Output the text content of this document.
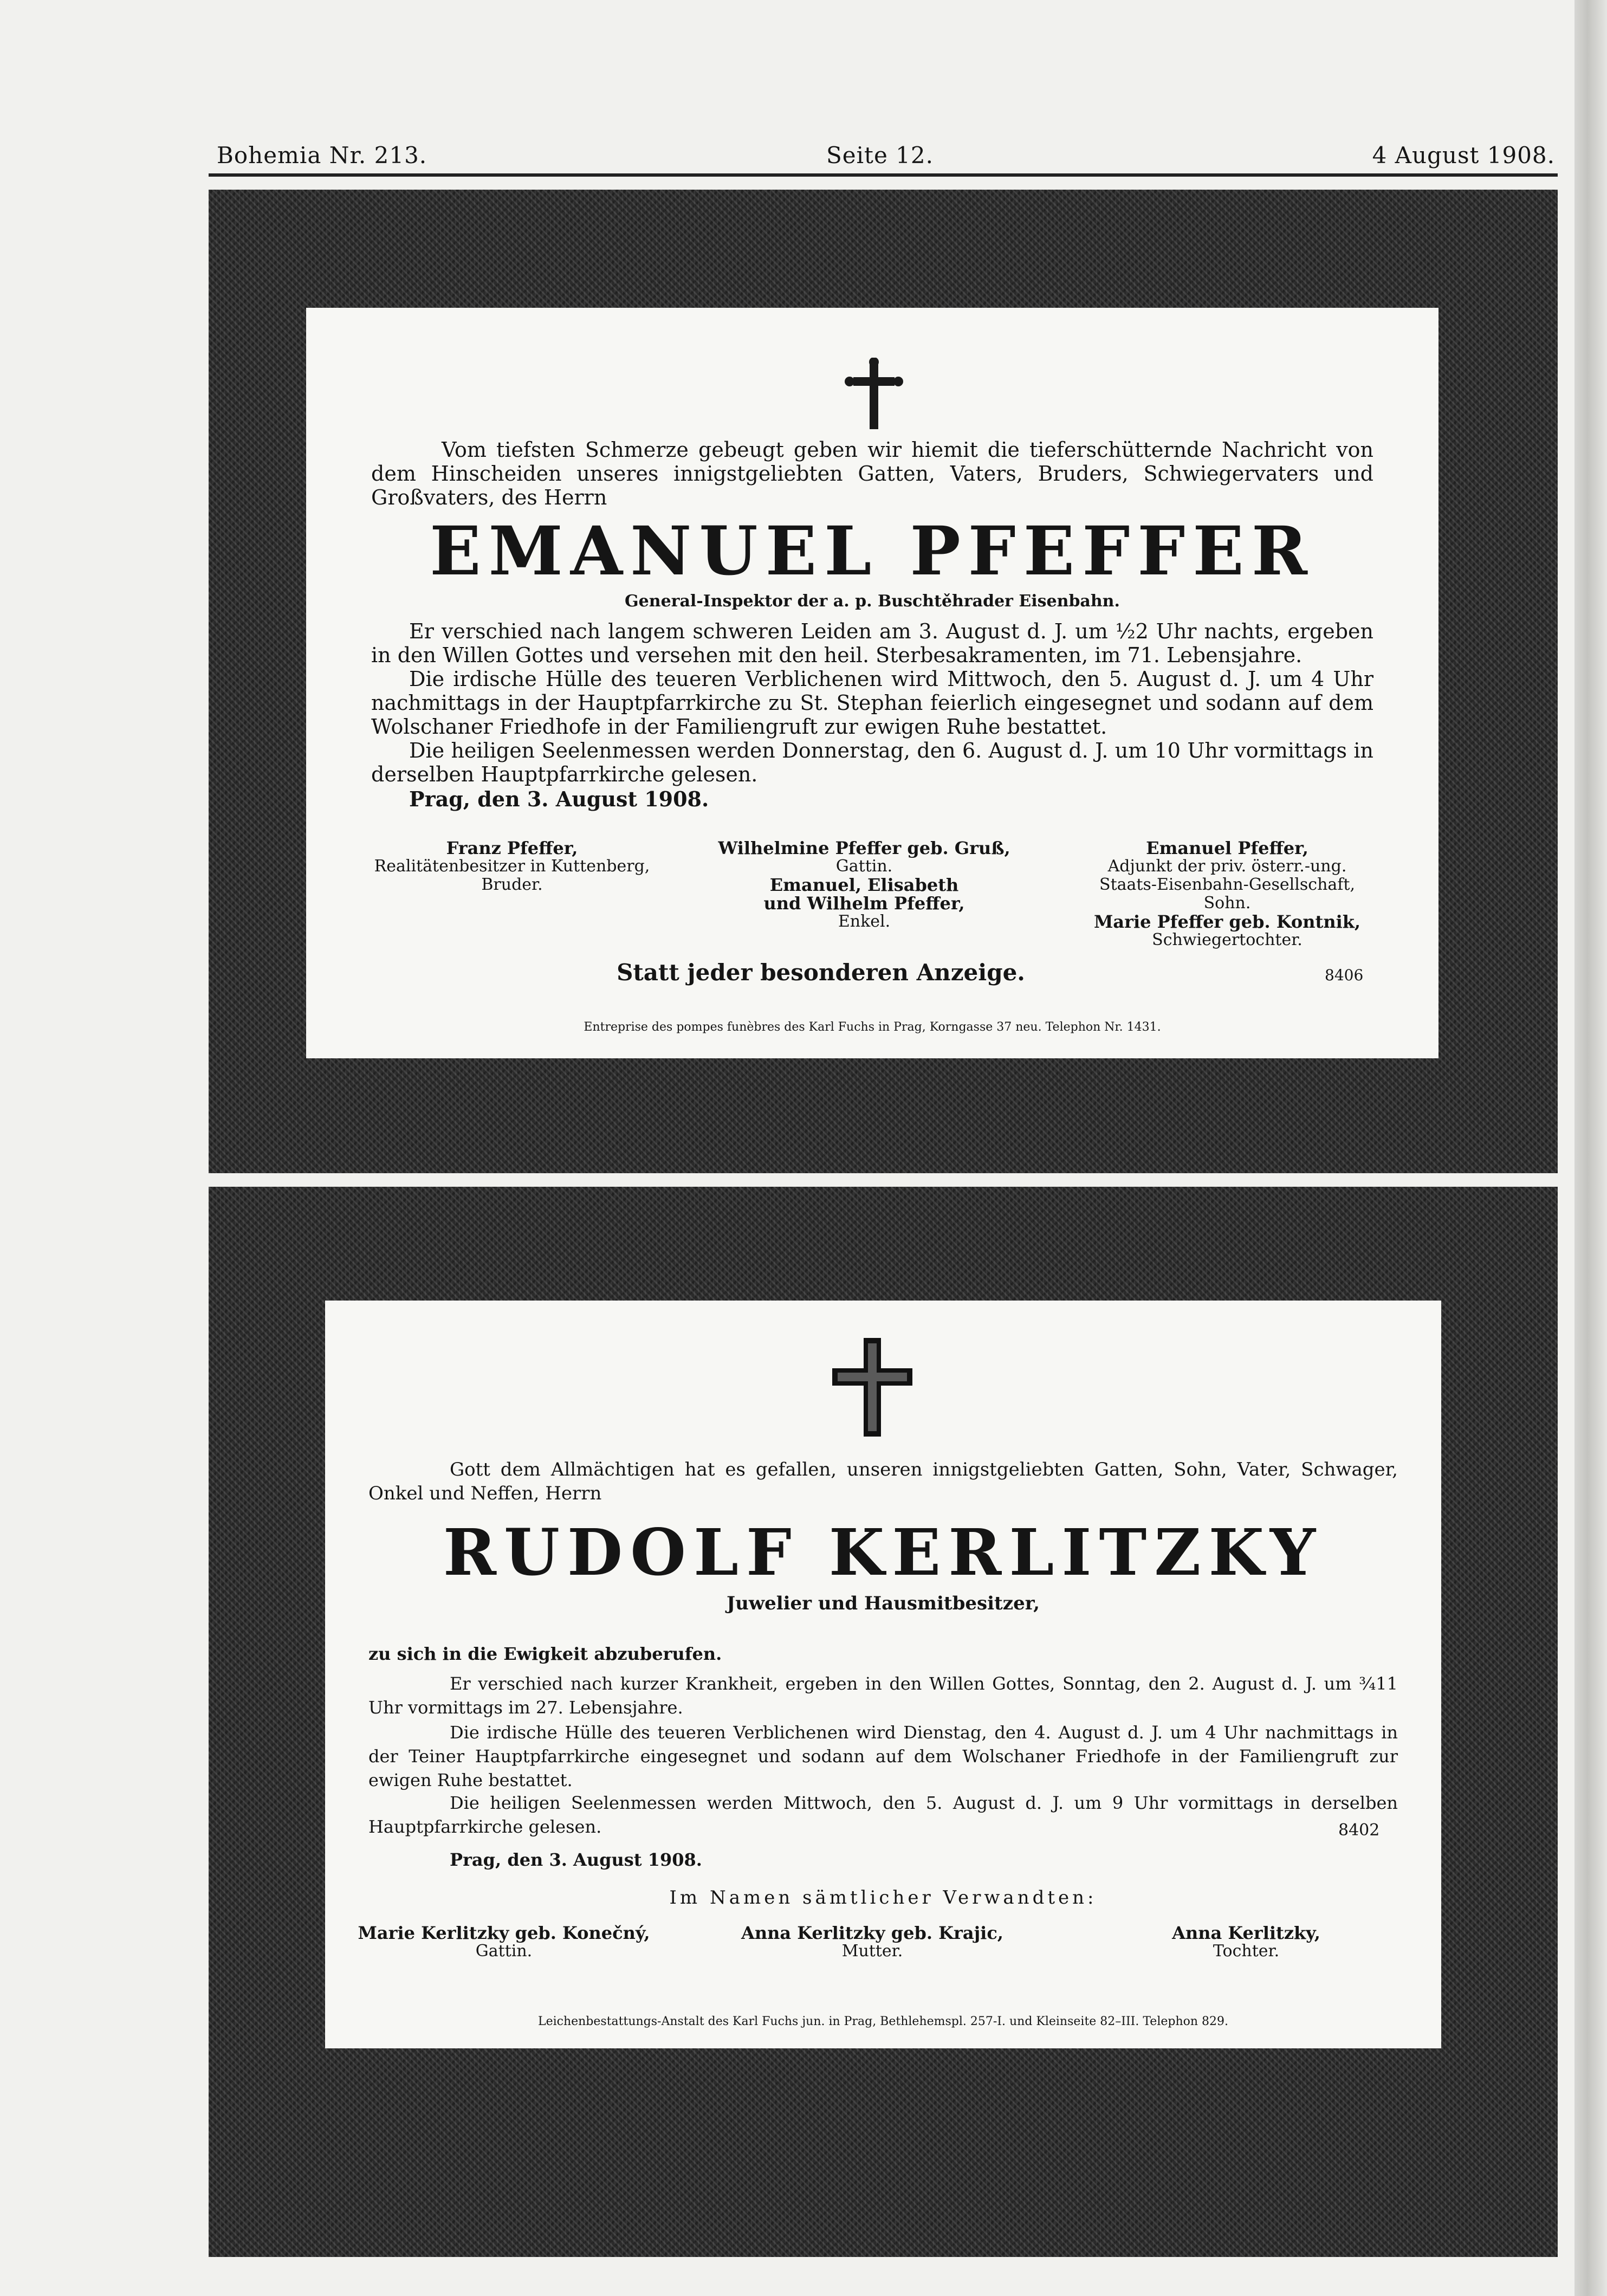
Bohemia Nr. 213.	Seite 12.	4 August 1908.
Vom tiefsten Schmerze gebeugt geben wir hiemit die tieferschütternde Nachricht von dem Hinscheiden unseres innigstgeliebten Gatten, Vaters, Bruders, Schwiegervaters und Großvaters, des Herrn
EMANUEL PFEFFER
General-Inspektor der a. p. Buschtěhrader Eisenbahn.
Er verschied nach langem schweren Leiden am 3. August d. J. um ½2 Uhr nachts, ergeben in den Willen Gottes und versehen mit den heil. Sterbesakramenten, im 71. Lebensjahre.
Die irdische Hülle des teueren Verblichenen wird Mittwoch, den 5. August d. J. um 4 Uhr nachmittags in der Hauptpfarrkirche zu St. Stephan feierlich eingesegnet und sodann auf dem Wolschaner Friedhofe in der Familiengruft zur ewigen Ruhe bestattet.
Die heiligen Seelenmessen werden Donnerstag, den 6. August d. J. um 10 Uhr vormittags in derselben Hauptpfarrkirche gelesen.
Prag, den 3. August 1908.
Franz Pfeffer,
Realitätenbesitzer in Kuttenberg,
Bruder.
Wilhelmine Pfeffer geb. Gruß,
Gattin.
Emanuel, Elisabeth
und Wilhelm Pfeffer,
Enkel.
Emanuel Pfeffer,
Adjunkt der priv. österr.-ung.
Staats-Eisenbahn-Gesellschaft,
Sohn.
Marie Pfeffer geb. Kontnik,
Schwiegertochter.
Statt jeder besonderen Anzeige.	8406
Entreprise des pompes funèbres des Karl Fuchs in Prag, Korngasse 37 neu. Telephon Nr. 1431.
Gott dem Allmächtigen hat es gefallen, unseren innigstgeliebten Gatten, Sohn, Vater, Schwager, Onkel und Neffen, Herrn
RUDOLF KERLITZKY
Juwelier und Hausmitbesitzer,
zu sich in die Ewigkeit abzuberufen.
Er verschied nach kurzer Krankheit, ergeben in den Willen Gottes, Sonntag, den 2. August d. J. um ¾11 Uhr vormittags im 27. Lebensjahre.
Die irdische Hülle des teueren Verblichenen wird Dienstag, den 4. August d. J. um 4 Uhr nachmittags in der Teiner Hauptpfarrkirche eingesegnet und sodann auf dem Wolschaner Friedhofe in der Familiengruft zur ewigen Ruhe bestattet.
Die heiligen Seelenmessen werden Mittwoch, den 5. August d. J. um 9 Uhr vormittags in derselben Hauptpfarrkirche gelesen.	8402
Prag, den 3. August 1908.
Im Namen sämtlicher Verwandten:
Marie Kerlitzky geb. Konečný,
Gattin.
Anna Kerlitzky geb. Krajic,
Mutter.
Anna Kerlitzky,
Tochter.
Leichenbestattungs-Anstalt des Karl Fuchs jun. in Prag, Bethlehemspl. 257-I. und Kleinseite 82–III. Telephon 829.
